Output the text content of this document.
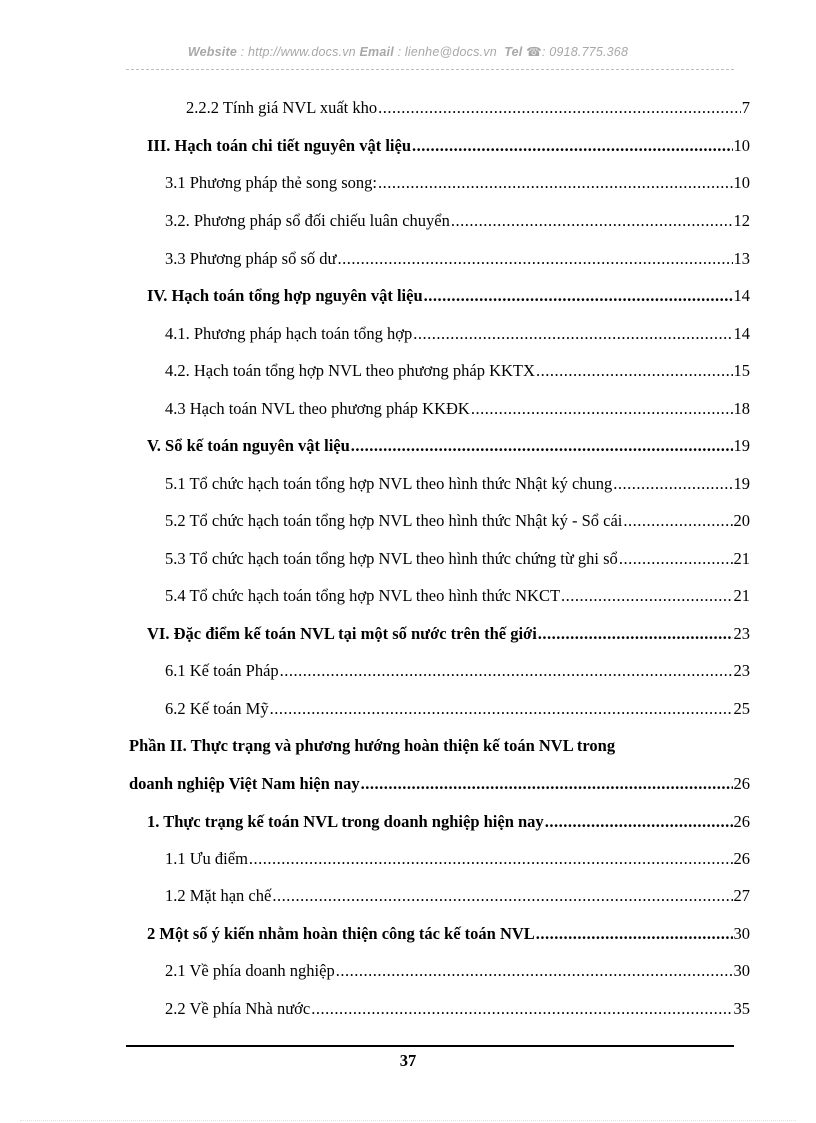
Website : http://www.docs.vn Email : lienhe@docs.vn Tel ☎: 0918.775.368
2.2.2 Tính giá NVL xuất kho .....	7
III. Hạch toán chi tiết nguyên vật liệu .....	10
3.1 Phương pháp thẻ song song: .....	10
3.2. Phương pháp sổ đối chiếu luân chuyển .....	12
3.3 Phương pháp sổ số dư .....	13
IV. Hạch toán tổng hợp nguyên vật liệu .....	14
4.1. Phương pháp hạch toán tổng hợp .....	14
4.2. Hạch toán tổng hợp NVL theo phương pháp KKTX .....	15
4.3 Hạch toán NVL theo phương pháp KKĐK .....	18
V. Sổ kế toán nguyên vật liệu .....	19
5.1 Tổ chức hạch toán tổng hợp NVL theo hình thức Nhật ký chung .....	19
5.2 Tổ chức hạch toán tổng hợp NVL theo hình thức Nhật ký - Sổ cái .....	20
5.3 Tổ chức hạch toán tổng hợp NVL theo hình thức chứng từ ghi sổ .....	21
5.4 Tổ chức hạch toán tổng hợp NVL theo hình thức NKCT .....	21
VI. Đặc điểm kế toán NVL tại một số nước trên thế giới .....	23
6.1 Kế toán Pháp .....	23
6.2 Kế toán Mỹ .....	25
Phần II. Thực trạng và phương hướng hoàn thiện kế toán NVL trong
doanh nghiệp Việt Nam hiện nay .....	26
1. Thực trạng kế toán NVL trong doanh nghiệp hiện nay .....	26
1.1 Ưu điểm .....	26
1.2 Mặt hạn chế .....	27
2 Một số ý kiến nhằm hoàn thiện công tác kế toán NVL .....	30
2.1 Về phía doanh nghiệp .....	30
2.2 Về phía Nhà nước .....	35
37
